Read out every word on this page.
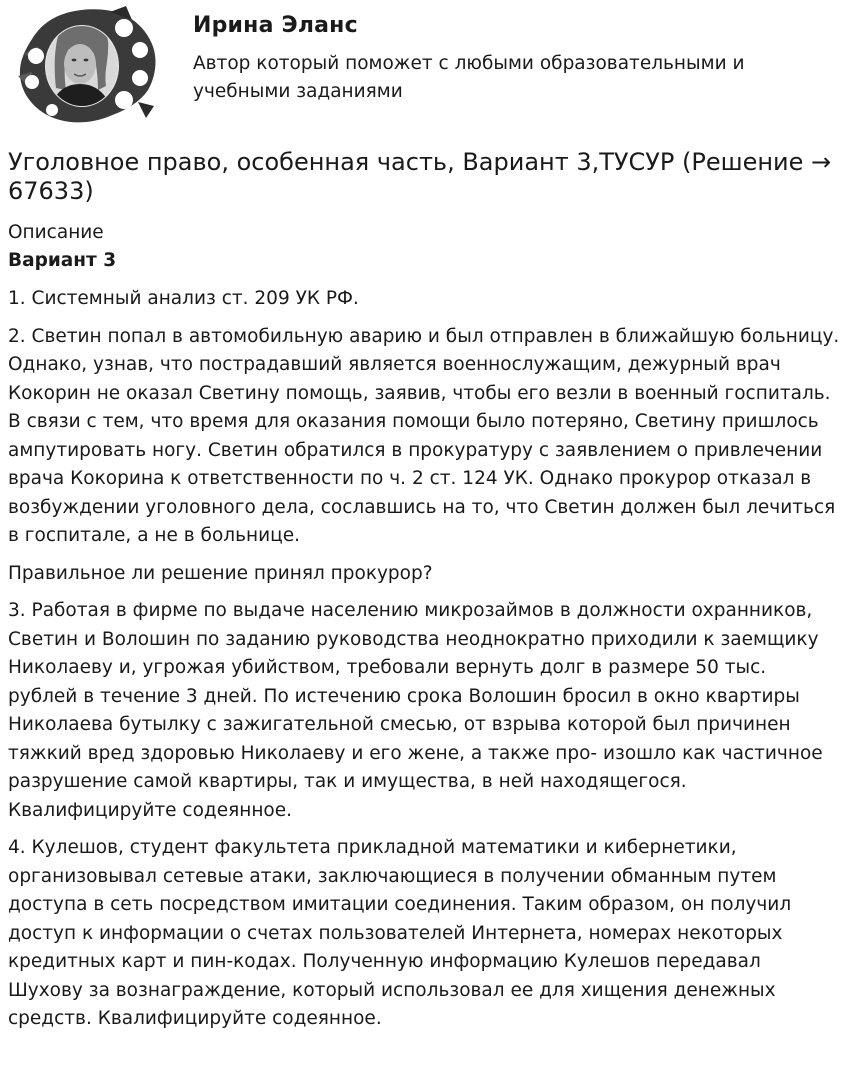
Ирина Эланс

Автор который поможет с любыми образовательными и учебными заданиями

Уголовное право, особенная часть, Вариант 3,ТУСУР (Решение → 67633)
Описание
Вариант 3

1. Системный анализ ст. 209 УК РФ.

2. Светин попал в автомобильную аварию и был отправлен в ближайшую больницу. Однако, узнав, что пострадавший является военнослужащим, дежурный врач Кокорин не оказал Светину помощь, заявив, чтобы его везли в военный госпиталь. В связи с тем, что время для оказания помощи было потеряно, Светину пришлось ампутировать ногу. Светин обратился в прокуратуру с заявлением о привлечении врача Кокорина к ответственности по ч. 2 ст. 124 УК. Однако прокурор отказал в возбуждении уголовного дела, сославшись на то, что Светин должен был лечиться в госпитале, а не в больнице.

Правильное ли решение принял прокурор?

3. Работая в фирме по выдаче населению микрозаймов в должности охранников, Светин и Волошин по заданию руководства неоднократно приходили к заемщику Николаеву и, угрожая убийством, требовали вернуть долг в размере 50 тыс. рублей в течение 3 дней. По истечению срока Волошин бросил в окно квартиры Николаева бутылку с зажигательной смесью, от взрыва которой был причинен тяжкий вред здоровью Николаеву и его жене, а также про- изошло как частичное разрушение самой квартиры, так и имущества, в ней находящегося. Квалифицируйте содеянное.

4. Кулешов, студент факультета прикладной математики и кибернетики, организовывал сетевые атаки, заключающиеся в получении обманным путем доступа в сеть посредством имитации соединения. Таким образом, он получил доступ к информации о счетах пользователей Интернета, номерах некоторых кредитных карт и пин-кодах. Полученную информацию Кулешов передавал Шухову за вознаграждение, который использовал ее для хищения денежных средств. Квалифицируйте содеянное.
